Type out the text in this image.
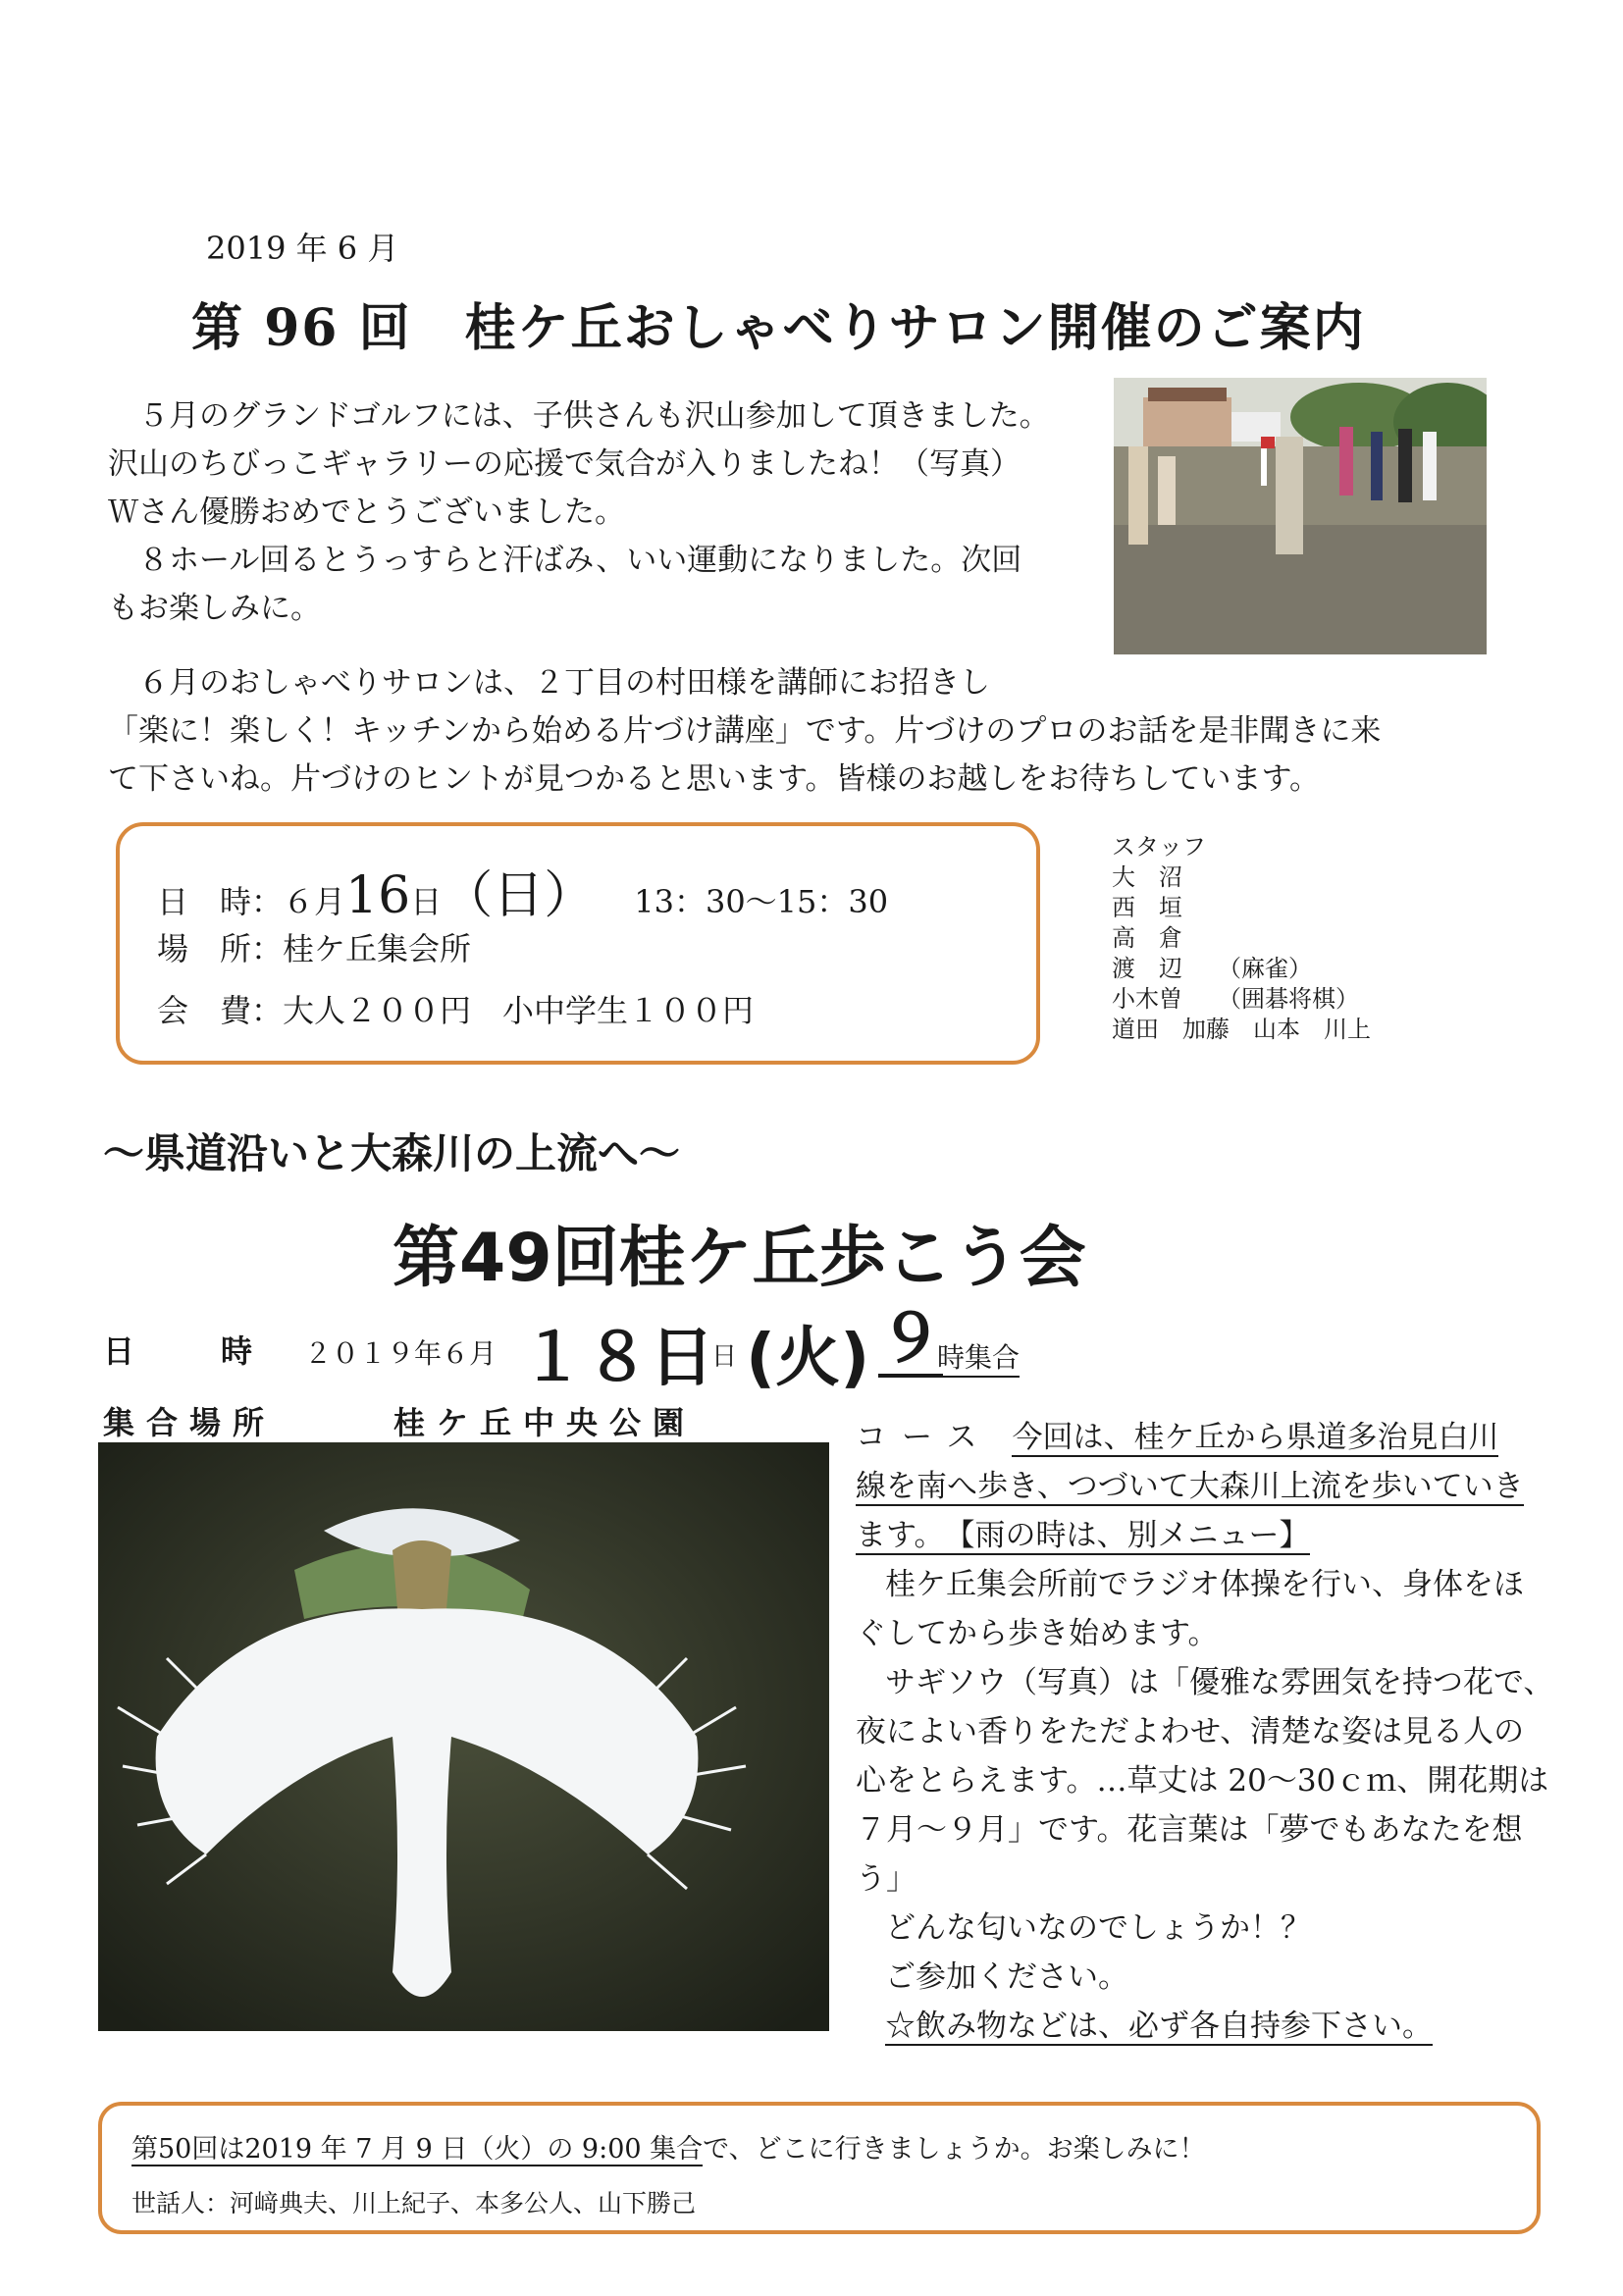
2019 年 6 月
第 96 回　桂ケ丘おしゃべりサロン開催のご案内
　５月のグランドゴルフには、子供さんも沢山参加して頂きました。
沢山のちびっこギャラリーの応援で気合が入りましたね！（写真）
Ｗさん優勝おめでとうございました。
　８ホール回るとうっすらと汗ばみ、いい運動になりました。次回
もお楽しみに。
　６月のおしゃべりサロンは、２丁目の村田様を講師にお招きし
「楽に！楽しく！キッチンから始める片づけ講座」です。片づけのプロのお話を是非聞きに来
て下さいね。片づけのヒントが見つかると思います。皆様のお越しをお待ちしています。
日　時：６月16日（日） 13：30～15：30
場　所：桂ケ丘集会所
会　費：大人２００円　小中学生１００円
スタッフ
大　沼
西　垣
高　倉
渡　辺　　（麻雀）
小木曽　　（囲碁将棋）
道田　加藤　山本　川上
～県道沿いと大森川の上流へ～
第49回桂ケ丘歩こう会
日　　時 ２０１９年６月 １８日
日 (火) ９
時集合
集合場所	桂ケ丘中央公園	コース 今回は、桂ケ丘から県道多治見白川
線を南へ歩き、つづいて大森川上流を歩いていき
ます。　【雨の時は、別メニュー】
桂ケ丘集会所前でラジオ体操を行い、身体をほ
ぐしてから歩き始めます。
サギソウ（写真）は「優雅な雰囲気を持つ花で、
夜によい香りをただよわせ、清楚な姿は見る人の
心をとらえます。…草丈は 20～30ｃｍ、開花期は
７月～９月」です。花言葉は「夢でもあなたを想
う」
どんな匂いなのでしょうか！？
ご参加ください。
☆飲み物などは、必ず各自持参下さい。
第50回は2019 年 7 月 9 日（火）の 9:00 集合で、どこに行きましょうか。お楽しみに！
世話人：河﨑典夫、川上紀子、本多公人、山下勝己
